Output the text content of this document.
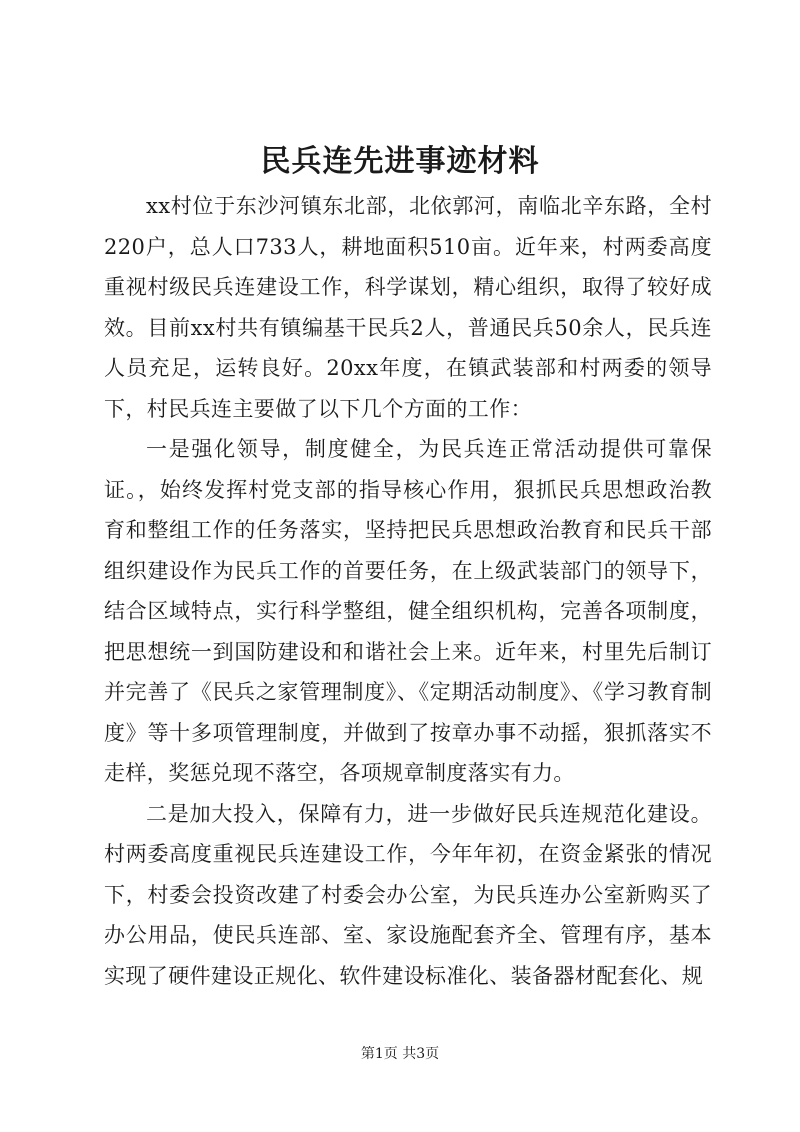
民兵连先进事迹材料

xx村位于东沙河镇东北部，北依郭河，南临北辛东路，全村220户，总人口733人，耕地面积510亩。近年来，村两委高度重视村级民兵连建设工作，科学谋划，精心组织，取得了较好成效。目前xx村共有镇编基干民兵2人，普通民兵50余人，民兵连人员充足，运转良好。20xx年度，在镇武装部和村两委的领导下，村民兵连主要做了以下几个方面的工作：

一是强化领导，制度健全，为民兵连正常活动提供可靠保证。，始终发挥村党支部的指导核心作用，狠抓民兵思想政治教育和整组工作的任务落实，坚持把民兵思想政治教育和民兵干部组织建设作为民兵工作的首要任务，在上级武装部门的领导下，结合区域特点，实行科学整组，健全组织机构，完善各项制度，把思想统一到国防建设和和谐社会上来。近年来，村里先后制订并完善了《民兵之家管理制度》、《定期活动制度》、《学习教育制度》等十多项管理制度，并做到了按章办事不动摇，狠抓落实不走样，奖惩兑现不落空，各项规章制度落实有力。

二是加大投入，保障有力，进一步做好民兵连规范化建设。村两委高度重视民兵连建设工作，今年年初，在资金紧张的情况下，村委会投资改建了村委会办公室，为民兵连办公室新购买了办公用品，使民兵连部、室、家设施配套齐全、管理有序，基本实现了硬件建设正规化、软件建设标准化、装备器材配套化、规

第1页 共3页
